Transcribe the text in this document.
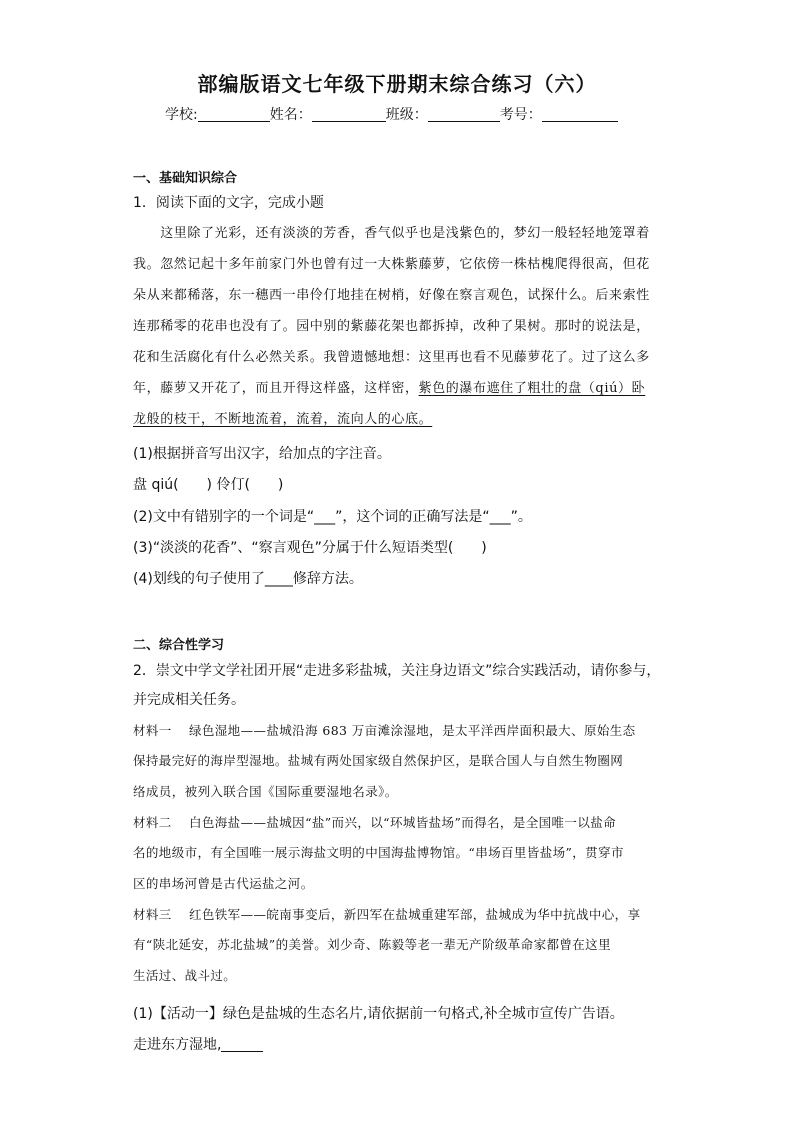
部编版语文七年级下册期末综合练习（六）
学校:	姓名：	班级：	考号：
一、基础知识综合
1．阅读下面的文字，完成小题
　　这里除了光彩，还有淡淡的芳香，香气似乎也是浅紫色的，梦幻一般轻轻地笼罩着
我。忽然记起十多年前家门外也曾有过一大株紫藤萝，它依傍一株枯槐爬得很高，但花
朵从来都稀落，东一穗西一串伶仃地挂在树梢，好像在察言观色，试探什么。后来索性
连那稀零的花串也没有了。园中别的紫藤花架也都拆掉，改种了果树。那时的说法是，
花和生活腐化有什么必然关系。我曾遗憾地想：这里再也看不见藤萝花了。过了这么多
年，藤萝又开花了，而且开得这样盛，这样密，紫色的瀑布遮住了粗壮的盘（qiú）卧
龙般的枝干，不断地流着，流着，流向人的心底。
(1)根据拼音写出汉字，给加点的字注音。
盘 qiú(　　) 伶仃(　　)
(2)文中有错别字的一个词是“___”，这个词的正确写法是“___”。
(3)“淡淡的花香”、“察言观色”分属于什么短语类型(　　)
(4)划线的句子使用了____修辞方法。
二、综合性学习
2．崇文中学文学社团开展“走进多彩盐城，关注身边语文”综合实践活动，请你参与，
并完成相关任务。
材料一　 绿色湿地——盐城沿海 683 万亩滩涂湿地，是太平洋西岸面积最大、原始生态
保持最完好的海岸型湿地。盐城有两处国家级自然保护区，是联合国人与自然生物圈网
络成员，被列入联合国《国际重要湿地名录》。
材料二　 白色海盐——盐城因“盐”而兴，以“环城皆盐场”而得名，是全国唯一以盐命
名的地级市，有全国唯一展示海盐文明的中国海盐博物馆。“串场百里皆盐场”，贯穿市
区的串场河曾是古代运盐之河。
材料三　 红色铁军——皖南事变后，新四军在盐城重建军部，盐城成为华中抗战中心，享
有“陕北延安，苏北盐城”的美誉。刘少奇、陈毅等老一辈无产阶级革命家都曾在这里
生活过、战斗过。
(1)【活动一】绿色是盐城的生态名片,请依据前一句格式,补全城市宣传广告语。
走进东方湿地,
